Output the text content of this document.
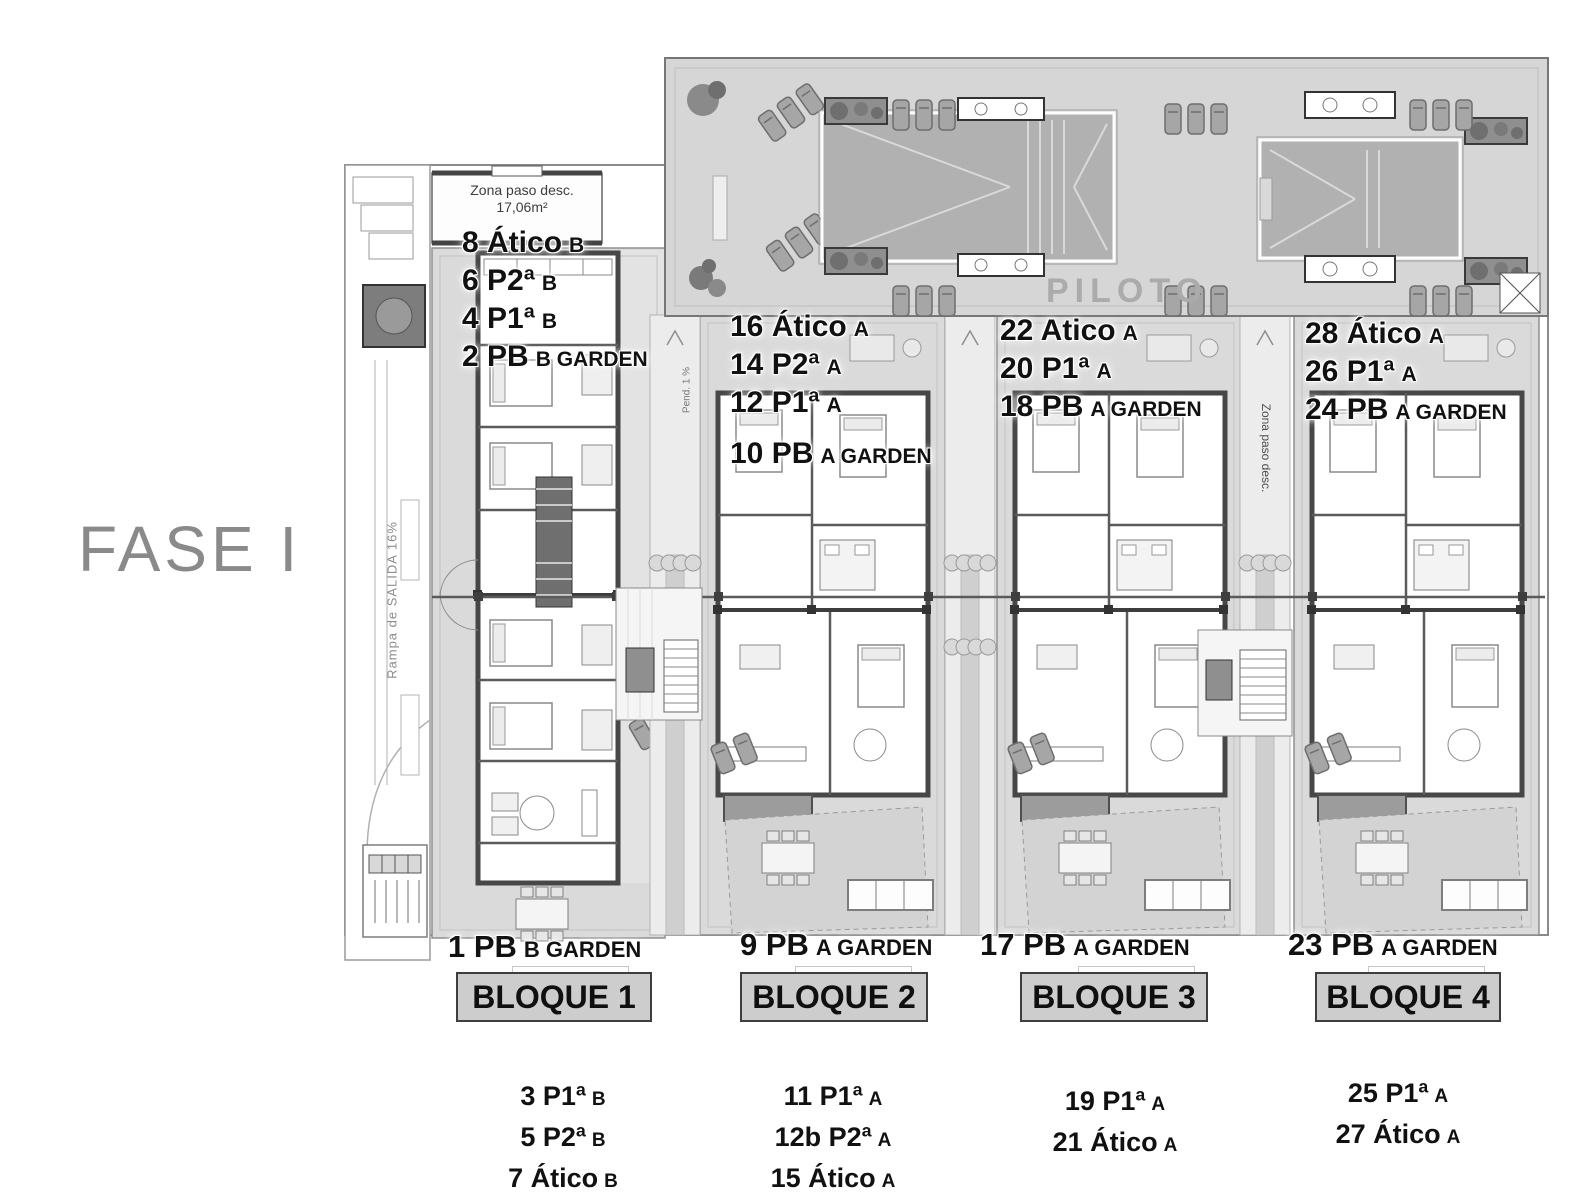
FASE I
Zona paso desc.
17,06m²
PILOTO
Rampa de SALIDA 16%
Pend. 1 %
Zona paso desc.
8 Ático B
6 P2ª B
4 P1ª B
2 PB B GARDEN
16 Ático A
14 P2ª A
12 P1ª A
10 PB A GARDEN
22 Atico A
20 P1ª A
18 PB A GARDEN
28 Ático A
26 P1ª A
24 PB A GARDEN
1 PB B GARDEN	9 PB A GARDEN 17 PB A GARDEN	23 PB A GARDEN
BLOQUE 1	BLOQUE 2	BLOQUE 3	BLOQUE 4
3 P1ª B
5 P2ª B
7 Ático B
11 P1ª A
12b P2ª A
15 Ático A
19 P1ª A
21 Ático A
25 P1ª A
27 Ático A
